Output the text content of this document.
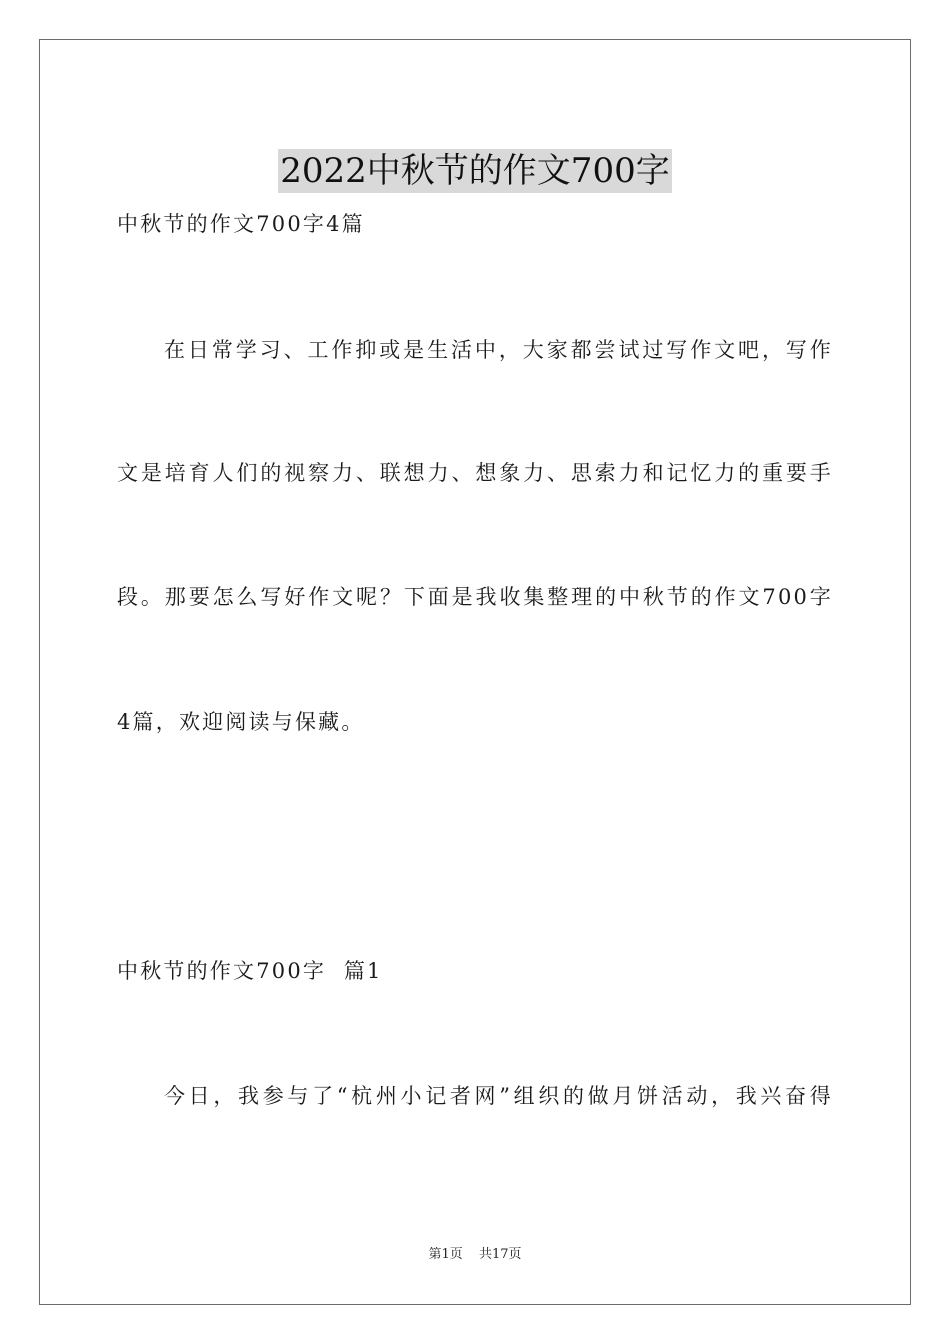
2022中秋节的作文700字
中秋节的作文700字4篇
在日常学习、工作抑或是生活中，大家都尝试过写作文吧，写作
文是培育人们的视察力、联想力、想象力、思索力和记忆力的重要手
段。那要怎么写好作文呢？下面是我收集整理的中秋节的作文700字
4篇，欢迎阅读与保藏。
中秋节的作文700字  篇1
今日，我参与了“杭州小记者网”组织的做月饼活动，我兴奋得
第1页 共17页
